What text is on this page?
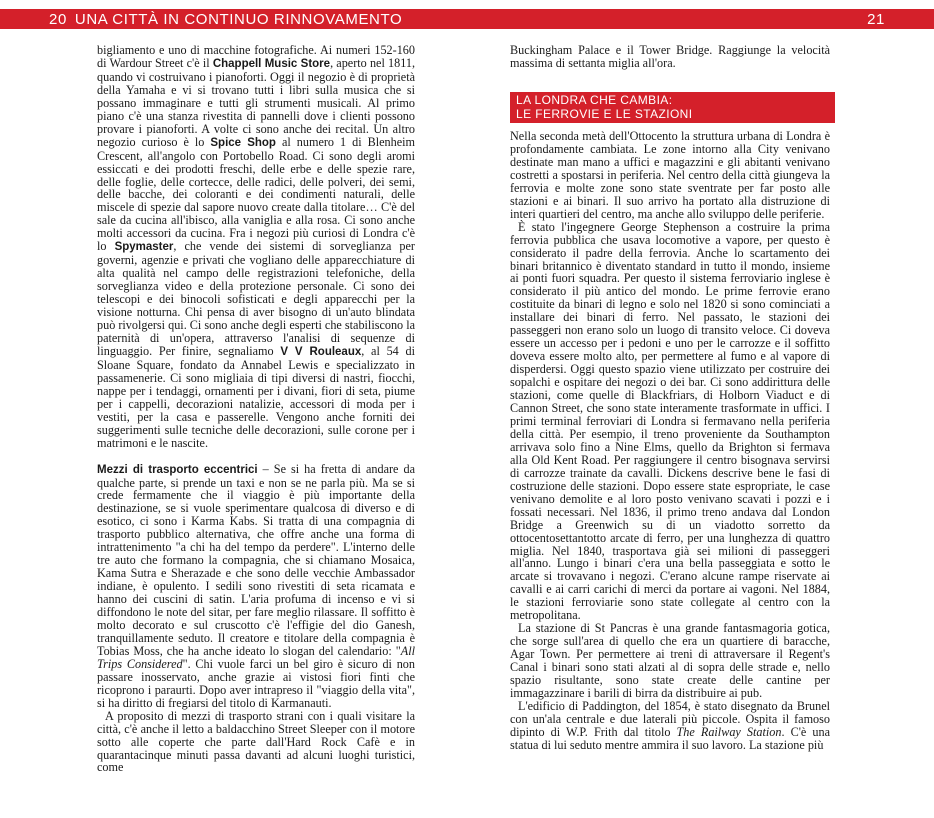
20 UNA CITTÀ IN CONTINUO RINNOVAMENTO	21

bigliamento e uno di macchine fotografiche. Ai numeri 152-160 di Wardour Street c'è il Chappell Music Store, aperto nel 1811, quando vi costruivano i pianoforti. Oggi il negozio è di proprietà della Yamaha e vi si trovano tutti i libri sulla musica che si possano immaginare e tutti gli strumenti musicali. Al primo piano c'è una stanza rivestita di pannelli dove i clienti possono provare i pianoforti. A volte ci sono anche dei recital. Un altro negozio curioso è lo Spice Shop al numero 1 di Blenheim Crescent, all'angolo con Portobello Road. Ci sono degli aromi essiccati e dei prodotti freschi, delle erbe e delle spezie rare, delle foglie, delle cortecce, delle radici, delle polveri, dei semi, delle bacche, dei coloranti e dei condimenti naturali, delle miscele di spezie dal sapore nuovo create dalla titolare… C'è del sale da cucina all'ibisco, alla vaniglia e alla rosa. Ci sono anche molti accessori da cucina. Fra i negozi più curiosi di Londra c'è lo Spymaster, che vende dei sistemi di sorveglianza per governi, agenzie e privati che vogliano delle apparecchiature di alta qualità nel campo delle registrazioni telefoniche, della sorveglianza video e della protezione personale. Ci sono dei telescopi e dei binocoli sofisticati e degli apparecchi per la visione notturna. Chi pensa di aver bisogno di un'auto blindata può rivolgersi qui. Ci sono anche degli esperti che stabiliscono la paternità di un'opera, attraverso l'analisi di sequenze di linguaggio. Per finire, segnaliamo V V Rouleaux, al 54 di Sloane Square, fondato da Annabel Lewis e specializzato in passamenerie. Ci sono migliaia di tipi diversi di nastri, fiocchi, nappe per i tendaggi, ornamenti per i divani, fiori di seta, piume per i cappelli, decorazioni natalizie, accessori di moda per i vestiti, per la casa e passerelle. Vengono anche forniti dei suggerimenti sulle tecniche delle decorazioni, sulle corone per i matrimoni e le nascite.

Mezzi di trasporto eccentrici – Se si ha fretta di andare da qualche parte, si prende un taxi e non se ne parla più. Ma se si crede fermamente che il viaggio è più importante della destinazione, se si vuole sperimentare qualcosa di diverso e di esotico, ci sono i Karma Kabs. Si tratta di una compagnia di trasporto pubblico alternativa, che offre anche una forma di intrattenimento "a chi ha del tempo da perdere". L'interno delle tre auto che formano la compagnia, che si chiamano Mosaica, Kama Sutra e Sherazade e che sono delle vecchie Ambassador indiane, è opulento. I sedili sono rivestiti di seta ricamata e hanno dei cuscini di satin. L'aria profuma di incenso e vi si diffondono le note del sitar, per fare meglio rilassare. Il soffitto è molto decorato e sul cruscotto c'è l'effigie del dio Ganesh, tranquillamente seduto. Il creatore e titolare della compagnia è Tobias Moss, che ha anche ideato lo slogan del calendario: "All Trips Considered". Chi vuole farci un bel giro è sicuro di non passare inosservato, anche grazie ai vistosi fiori finti che ricoprono i paraurti. Dopo aver intrapreso il "viaggio della vita", si ha diritto di fregiarsi del titolo di Karmanauti.

A proposito di mezzi di trasporto strani con i quali visitare la città, c'è anche il letto a baldacchino Street Sleeper con il motore sotto alle coperte che parte dall'Hard Rock Cafè e in quarantacinque minuti passa davanti ad alcuni luoghi turistici, come

Buckingham Palace e il Tower Bridge. Raggiunge la velocità massima di settanta miglia all'ora.

LA LONDRA CHE CAMBIA:
LE FERROVIE E LE STAZIONI

Nella seconda metà dell'Ottocento la struttura urbana di Londra è profondamente cambiata. Le zone intorno alla City venivano destinate man mano a uffici e magazzini e gli abitanti venivano costretti a spostarsi in periferia. Nel centro della città giungeva la ferrovia e molte zone sono state sventrate per far posto alle stazioni e ai binari. Il suo arrivo ha portato alla distruzione di interi quartieri del centro, ma anche allo sviluppo delle periferie.

È stato l'ingegnere George Stephenson a costruire la prima ferrovia pubblica che usava locomotive a vapore, per questo è considerato il padre della ferrovia. Anche lo scartamento dei binari britannico è diventato standard in tutto il mondo, insieme ai ponti fuori squadra. Per questo il sistema ferroviario inglese è considerato il più antico del mondo. Le prime ferrovie erano costituite da binari di legno e solo nel 1820 si sono cominciati a installare dei binari di ferro. Nel passato, le stazioni dei passeggeri non erano solo un luogo di transito veloce. Ci doveva essere un accesso per i pedoni e uno per le carrozze e il soffitto doveva essere molto alto, per permettere al fumo e al vapore di disperdersi. Oggi questo spazio viene utilizzato per costruire dei sopalchi e ospitare dei negozi o dei bar. Ci sono addirittura delle stazioni, come quelle di Blackfriars, di Holborn Viaduct e di Cannon Street, che sono state interamente trasformate in uffici. I primi terminal ferroviari di Londra si fermavano nella periferia della città. Per esempio, il treno proveniente da Southampton arrivava solo fino a Nine Elms, quello da Brighton si fermava alla Old Kent Road. Per raggiungere il centro bisognava servirsi di carrozze trainate da cavalli. Dickens descrive bene le fasi di costruzione delle stazioni. Dopo essere state espropriate, le case venivano demolite e al loro posto venivano scavati i pozzi e i fossati necessari. Nel 1836, il primo treno andava dal London Bridge a Greenwich su di un viadotto sorretto da ottocentosettantotto arcate di ferro, per una lunghezza di quattro miglia. Nel 1840, trasportava già sei milioni di passeggeri all'anno. Lungo i binari c'era una bella passeggiata e sotto le arcate si trovavano i negozi. C'erano alcune rampe riservate ai cavalli e ai carri carichi di merci da portare ai vagoni. Nel 1884, le stazioni ferroviarie sono state collegate al centro con la metropolitana.

La stazione di St Pancras è una grande fantasmagoria gotica, che sorge sull'area di quello che era un quartiere di baracche, Agar Town. Per permettere ai treni di attraversare il Regent's Canal i binari sono stati alzati al di sopra delle strade e, nello spazio risultante, sono state create delle cantine per immagazzinare i barili di birra da distribuire ai pub.

L'edificio di Paddington, del 1854, è stato disegnato da Brunel con un'ala centrale e due laterali più piccole. Ospita il famoso dipinto di W.P. Frith dal titolo The Railway Station. C'è una statua di lui seduto mentre ammira il suo lavoro. La stazione più
